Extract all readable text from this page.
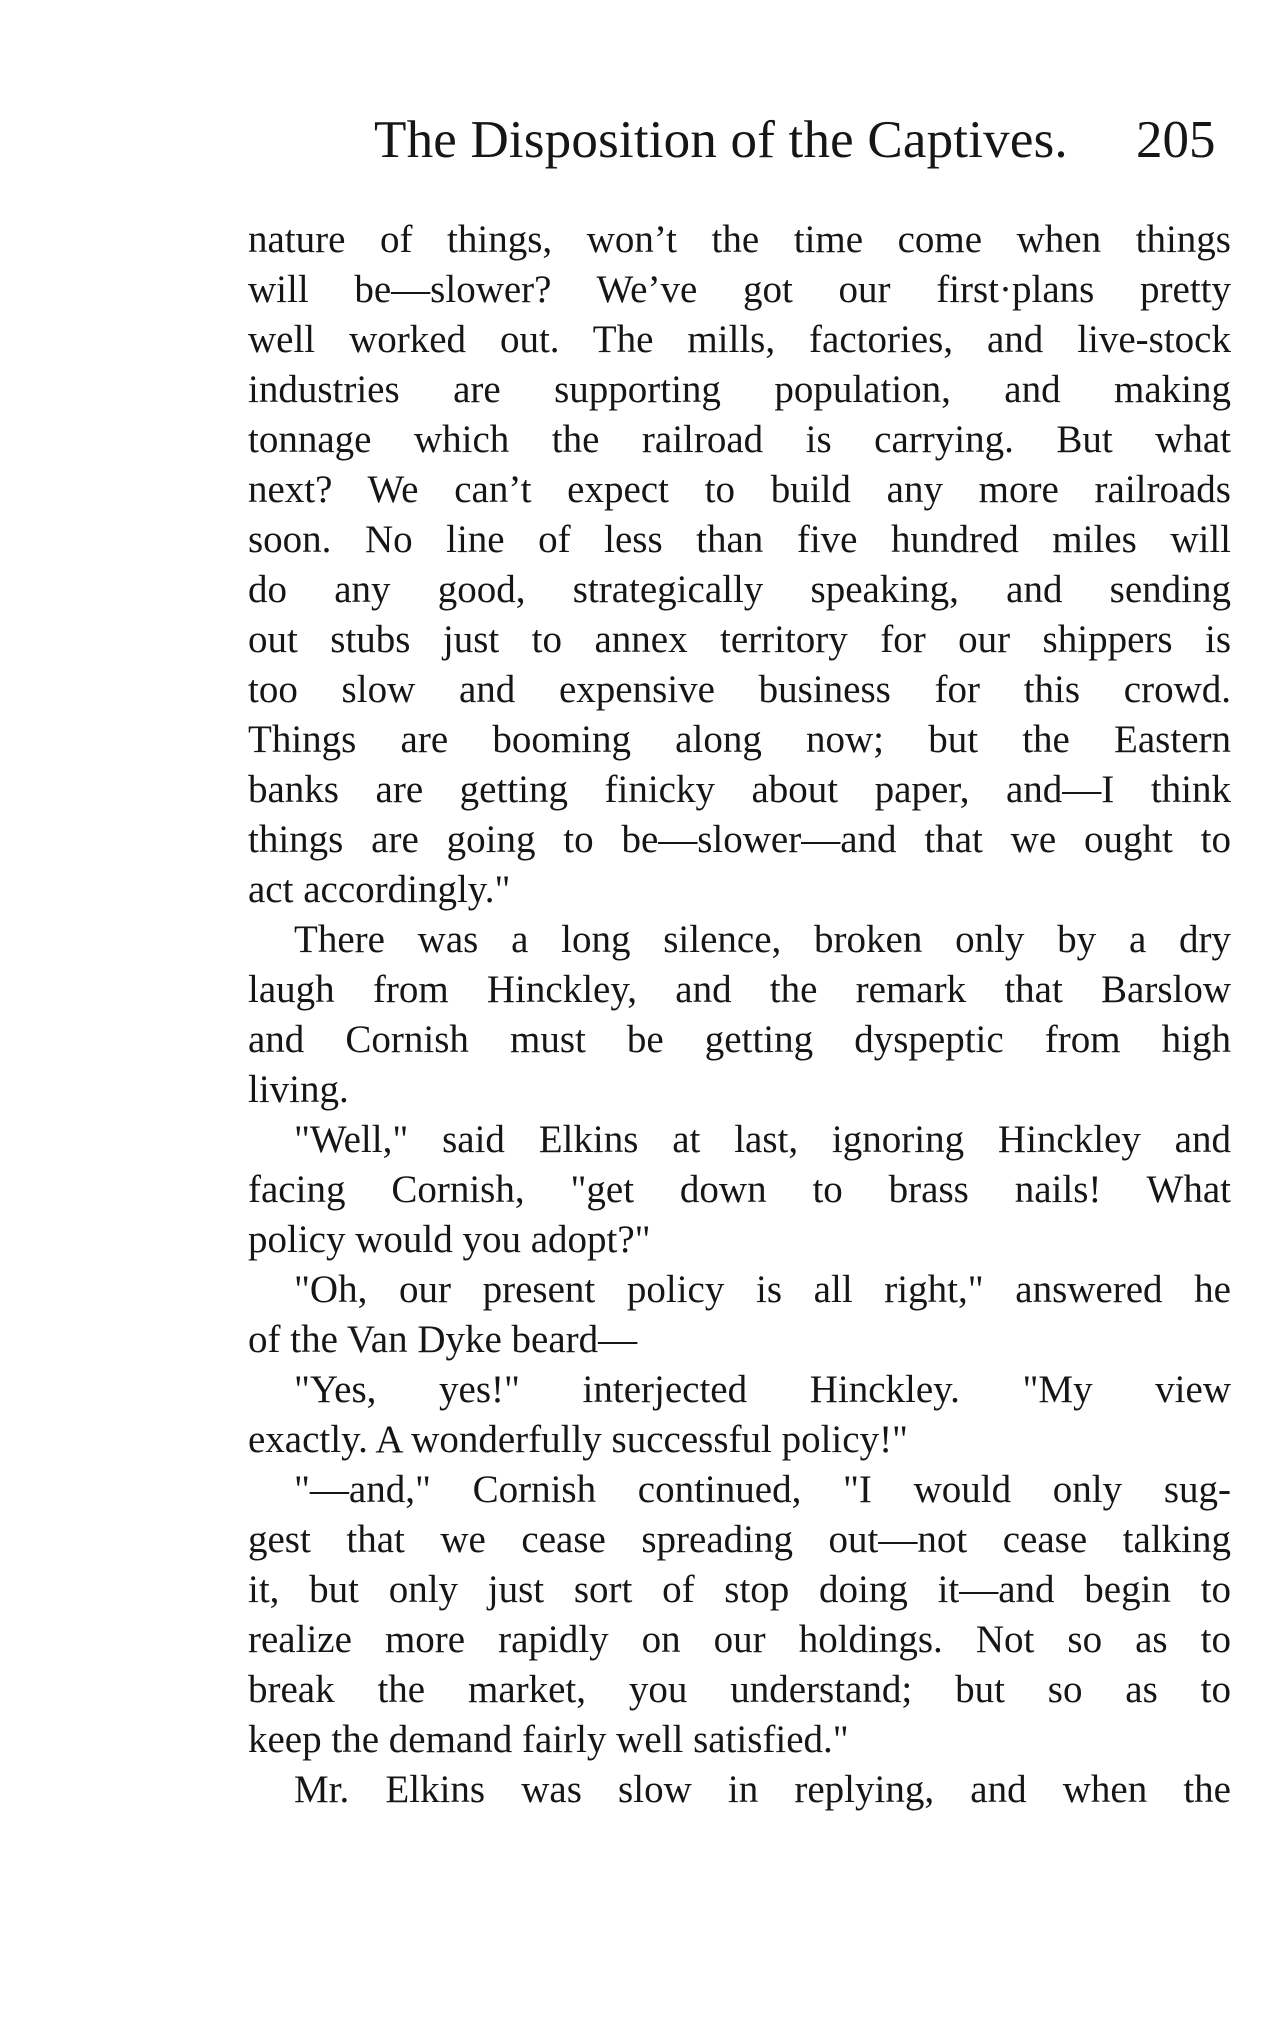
The Disposition of the Captives. 205
nature of things, won’t the time come when things
will be—slower? We’ve got our first·plans pretty
well worked out. The mills, factories, and live-stock
industries are supporting population, and making
tonnage which the railroad is carrying. But what
next? We can’t expect to build any more railroads
soon. No line of less than five hundred miles will
do any good, strategically speaking, and sending
out stubs just to annex territory for our shippers is
too slow and expensive business for this crowd.
Things are booming along now; but the Eastern
banks are getting finicky about paper, and—I think
things are going to be—slower—and that we ought to
act accordingly."
There was a long silence, broken only by a dry
laugh from Hinckley, and the remark that Barslow
and Cornish must be getting dyspeptic from high
living.
"Well," said Elkins at last, ignoring Hinckley and
facing Cornish, "get down to brass nails! What
policy would you adopt?"
"Oh, our present policy is all right," answered he
of the Van Dyke beard—
"Yes, yes!" interjected Hinckley. "My view
exactly. A wonderfully successful policy!"
"—and," Cornish continued, "I would only sug-
gest that we cease spreading out—not cease talking
it, but only just sort of stop doing it—and begin to
realize more rapidly on our holdings. Not so as to
break the market, you understand; but so as to
keep the demand fairly well satisfied."
Mr. Elkins was slow in replying, and when the
